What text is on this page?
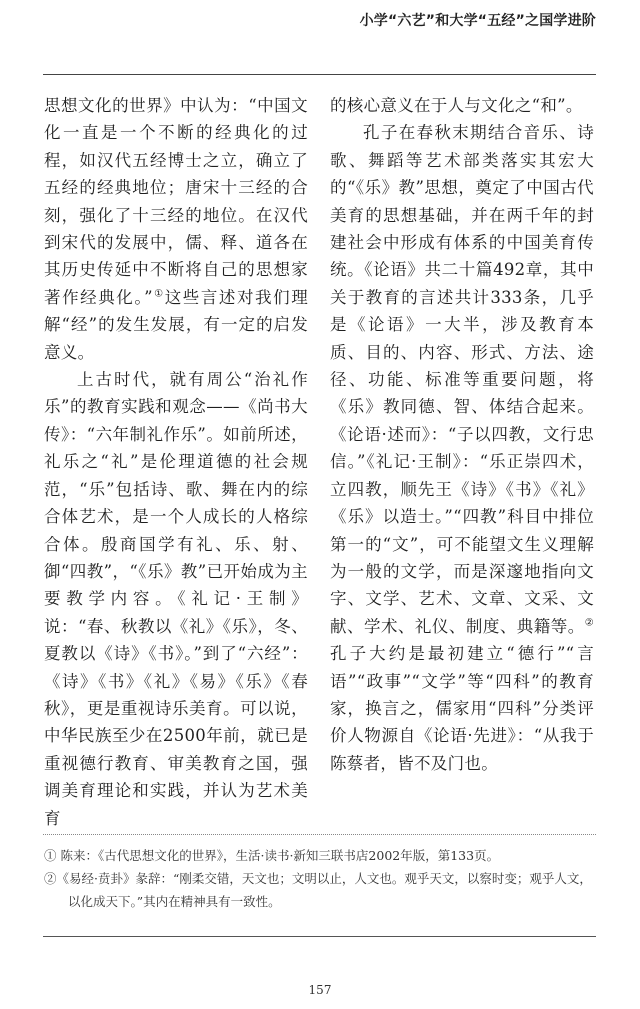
小学“六艺”和大学“五经”之国学进阶

思想文化的世界》中认为：“中国文化一直是一个不断的经典化的过程，如汉代五经博士之立，确立了五经的经典地位；唐宋十三经的合刻，强化了十三经的地位。在汉代到宋代的发展中，儒、释、道各在其历史传延中不断将自己的思想家著作经典化。”①这些言述对我们理解“经”的发生发展，有一定的启发意义。

上古时代，就有周公“治礼作乐”的教育实践和观念——《尚书大传》：“六年制礼作乐”。如前所述，礼乐之“礼”是伦理道德的社会规范，“乐”包括诗、歌、舞在内的综合体艺术，是一个人成长的人格综合体。殷商国学有礼、乐、射、御“四教”，“《乐》教”已开始成为主要教学内容。《礼记·王制》说：“春、秋教以《礼》《乐》，冬、夏教以《诗》《书》。”到了“六经”：《诗》《书》《礼》《易》《乐》《春秋》，更是重视诗乐美育。可以说，中华民族至少在2500年前，就已是重视德行教育、审美教育之国，强调美育理论和实践，并认为艺术美育

的核心意义在于人与文化之“和”。

孔子在春秋末期结合音乐、诗歌、舞蹈等艺术部类落实其宏大的“《乐》教”思想，奠定了中国古代美育的思想基础，并在两千年的封建社会中形成有体系的中国美育传统。《论语》共二十篇492章，其中关于教育的言述共计333条，几乎是《论语》一大半，涉及教育本质、目的、内容、形式、方法、途径、功能、标准等重要问题，将《乐》教同德、智、体结合起来。《论语·述而》：“子以四教，文行忠信。”《礼记·王制》：“乐正崇四术，立四教，顺先王《诗》《书》《礼》《乐》以造士。”“四教”科目中排位第一的“文”，可不能望文生义理解为一般的文学，而是深邃地指向文字、文学、艺术、文章、文采、文献、学术、礼仪、制度、典籍等。②孔子大约是最初建立“德行”“言语”“政事”“文学”等“四科”的教育家，换言之，儒家用“四科”分类评价人物源自《论语·先进》：“从我于陈蔡者，皆不及门也。

① 陈来：《古代思想文化的世界》，生活·读书·新知三联书店2002年版，第133页。

②《易经·贲卦》彖辞：“刚柔交错，天文也；文明以止，人文也。观乎天文，以察时变；观乎人文，以化成天下。”其内在精神具有一致性。

157
